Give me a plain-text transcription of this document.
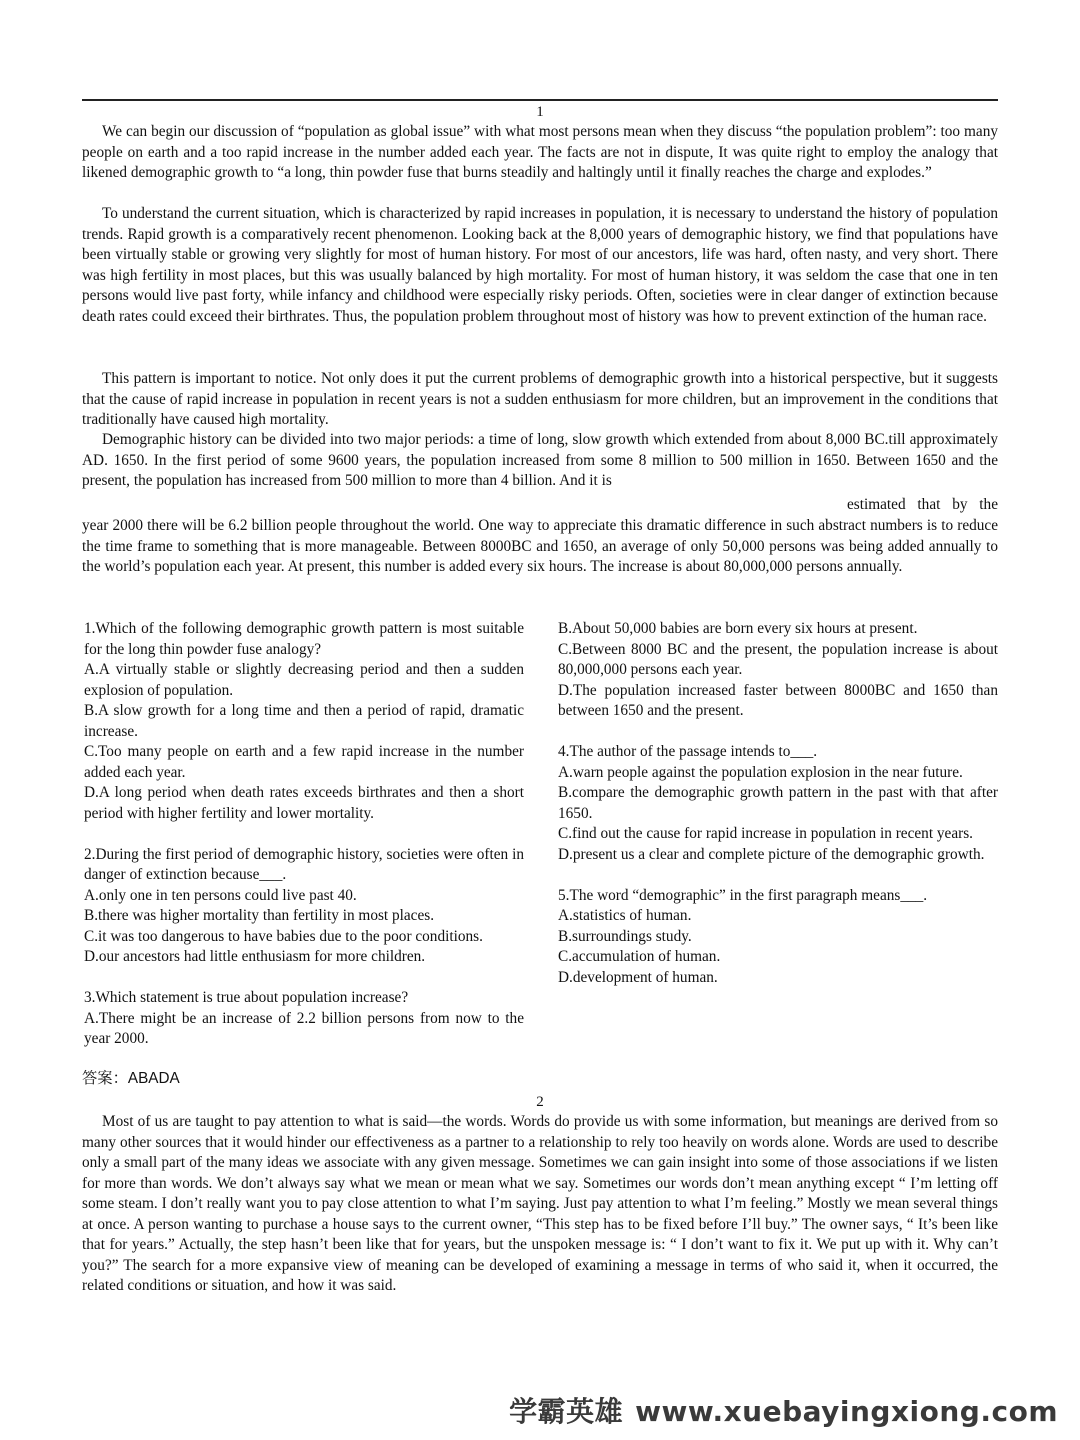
1
We can begin our discussion of “population as global issue” with what most persons mean when they discuss “the population problem”: too many people on earth and a too rapid increase in the number added each year. The facts are not in dispute, It was quite right to employ the analogy that likened demographic growth to “a long, thin powder fuse that burns steadily and haltingly until it finally reaches the charge and explodes.”
To understand the current situation, which is characterized by rapid increases in population, it is necessary to understand the history of population trends. Rapid growth is a comparatively recent phenomenon. Looking back at the 8,000 years of demographic history, we find that populations have been virtually stable or growing very slightly for most of human history. For most of our ancestors, life was hard, often nasty, and very short. There was high fertility in most places, but this was usually balanced by high mortality. For most of human history, it was seldom the case that one in ten persons would live past forty, while infancy and childhood were especially risky periods. Often, societies were in clear danger of extinction because death rates could exceed their birthrates. Thus, the population problem throughout most of history was how to prevent extinction of the human race.
This pattern is important to notice. Not only does it put the current problems of demographic growth into a historical perspective, but it suggests that the cause of rapid increase in population in recent years is not a sudden enthusiasm for more children, but an improvement in the conditions that traditionally have caused high mortality.
Demographic history can be divided into two major periods: a time of long, slow growth which extended from about 8,000 BC.till approximately AD. 1650. In the first period of some 9600 years, the population increased from some 8 million to 500 million in 1650. Between 1650 and the present, the population has increased from 500 million to more than 4 billion. And it is
estimated that by the
year 2000 there will be 6.2 billion people throughout the world. One way to appreciate this dramatic difference in such abstract numbers is to reduce the time frame to something that is more manageable. Between 8000BC and 1650, an average of only 50,000 persons was being added annually to the world’s population each year. At present, this number is added every six hours. The increase is about 80,000,000 persons annually.
1.Which of the following demographic growth pattern is most suitable for the long thin powder fuse analogy?
A.A virtually stable or slightly decreasing period and then a sudden explosion of population.
B.A slow growth for a long time and then a period of rapid, dramatic increase.
C.Too many people on earth and a few rapid increase in the number added each year.
D.A long period when death rates exceeds birthrates and then a short period with higher fertility and lower mortality.
2.During the first period of demographic history, societies were often in danger of extinction because___.
A.only one in ten persons could live past 40.
B.there was higher mortality than fertility in most places.
C.it was too dangerous to have babies due to the poor conditions.
D.our ancestors had little enthusiasm for more children.
3.Which statement is true about population increase?
A.There might be an increase of 2.2 billion persons from now to the year 2000.
B.About 50,000 babies are born every six hours at present.
C.Between 8000 BC and the present, the population increase is about 80,000,000 persons each year.
D.The population increased faster between 8000BC and 1650 than between 1650 and the present.
4.The author of the passage intends to___.
A.warn people against the population explosion in the near future.
B.compare the demographic growth pattern in the past with that after 1650.
C.find out the cause for rapid increase in population in recent years.
D.present us a clear and complete picture of the demographic growth.
5.The word “demographic” in the first paragraph means___.
A.statistics of human.
B.surroundings study.
C.accumulation of human.
D.development of human.
答案：ABADA
2
Most of us are taught to pay attention to what is said—the words. Words do provide us with some information, but meanings are derived from so many other sources that it would hinder our effectiveness as a partner to a relationship to rely too heavily on words alone. Words are used to describe only a small part of the many ideas we associate with any given message. Sometimes we can gain insight into some of those associations if we listen for more than words. We don’t always say what we mean or mean what we say. Sometimes our words don’t mean anything except “ I’m letting off some steam. I don’t really want you to pay close attention to what I’m saying. Just pay attention to what I’m feeling.” Mostly we mean several things at once. A person wanting to purchase a house says to the current owner, “This step has to be fixed before I’ll buy.” The owner says, “ It’s been like that for years.” Actually, the step hasn’t been like that for years, but the unspoken message is: “ I don’t want to fix it. We put up with it. Why can’t you?” The search for a more expansive view of meaning can be developed of examining a message in terms of who said it, when it occurred, the related conditions or situation, and how it was said.
学霸英雄 www.xuebayingxiong.com
